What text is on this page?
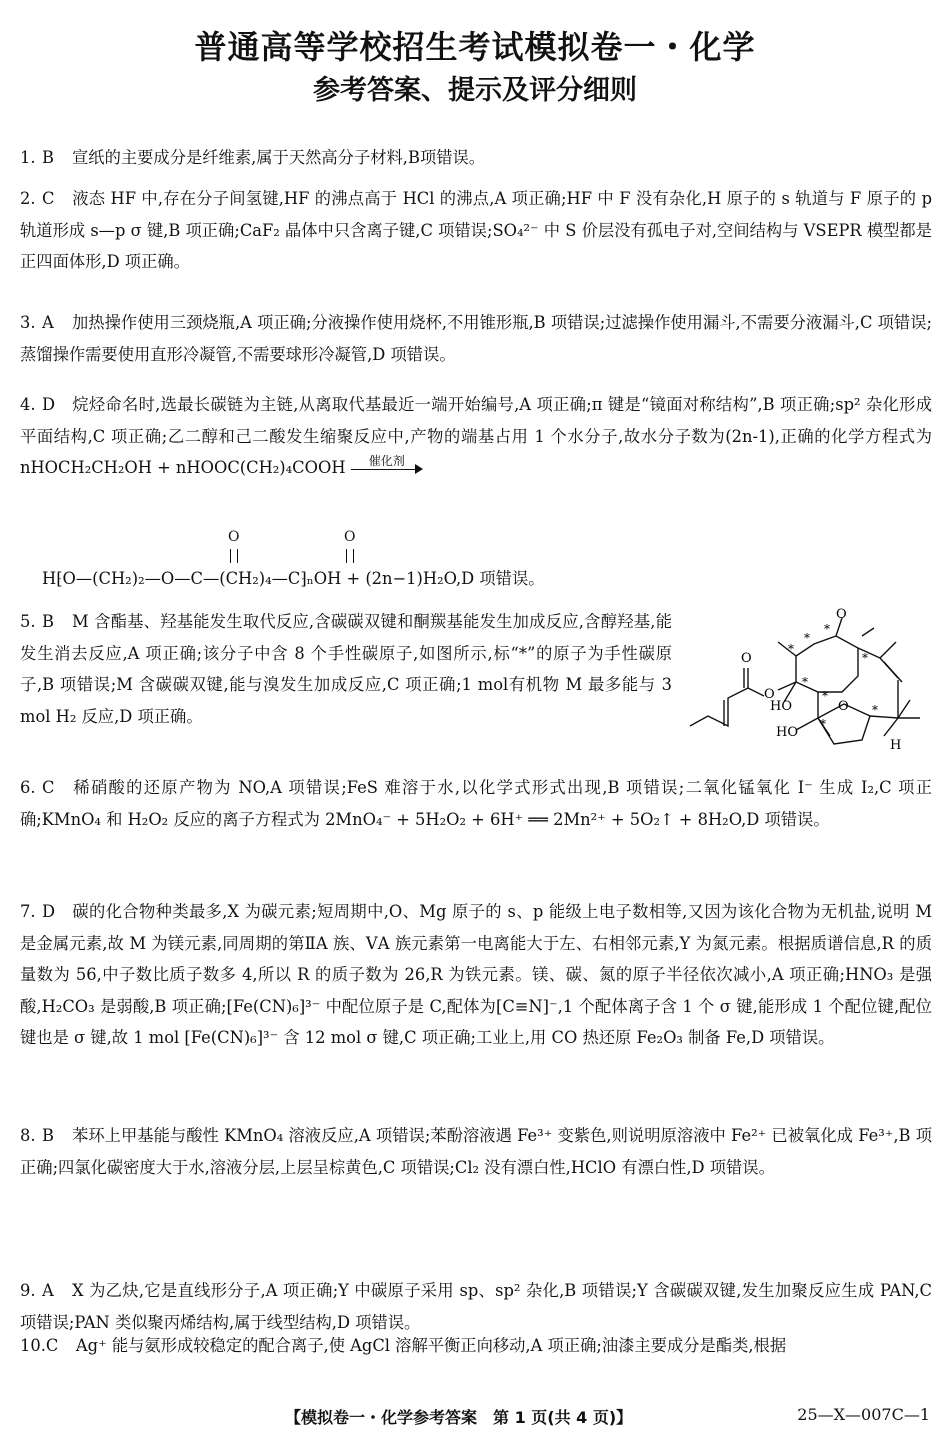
普通高等学校招生考试模拟卷一・化学
参考答案、提示及评分细则

1. B 宣纸的主要成分是纤维素,属于天然高分子材料,B项错误。

2. C 液态 HF 中,存在分子间氢键,HF 的沸点高于 HCl 的沸点,A 项正确;HF 中 F 没有杂化,H 原子的 s 轨道与 F 原子的 p 轨道形成 s—p σ 键,B 项正确;CaF₂ 晶体中只含离子键,C 项错误;SO₄²⁻ 中 S 价层没有孤电子对,空间结构与 VSEPR 模型都是正四面体形,D 项正确。

3. A 加热操作使用三颈烧瓶,A 项正确;分液操作使用烧杯,不用锥形瓶,B 项错误;过滤操作使用漏斗,不需要分液漏斗,C 项错误;蒸馏操作需要使用直形冷凝管,不需要球形冷凝管,D 项错误。

4. D 烷烃命名时,选最长碳链为主链,从离取代基最近一端开始编号,A 项正确;π 键是“镜面对称结构”,B 项正确;sp² 杂化形成平面结构,C 项正确;乙二醇和己二酸发生缩聚反应中,产物的端基占用 1 个水分子,故水分子数为(2n-1),正确的化学方程式为 nHOCH₂CH₂OH + nHOOC(CH₂)₄COOH	催化剂

O	O
H⁅O—(CH₂)₂—O—C—(CH₂)₄—C⁆ₙOH + (2n−1)H₂O,D 项错误。

5. B M 含酯基、羟基能发生取代反应,含碳碳双键和酮羰基能发生加成反应,含醇羟基,能发生消去反应,A 项正确;该分子中含 8 个手性碳原子,如图所示,标“*”的原子为手性碳原子,B 项错误;M 含碳碳双键,能与溴发生加成反应,C 项正确;1 mol有机物 M 最多能与 3 mol H₂ 反应,D 项正确。

O
O
O
O
HO
HO
H
*
*
*
*
*
*
*
*

6. C 稀硝酸的还原产物为 NO,A 项错误;FeS 难溶于水,以化学式形式出现,B 项错误;二氧化锰氧化 I⁻ 生成 I₂,C 项正确;KMnO₄ 和 H₂O₂ 反应的离子方程式为 2MnO₄⁻ + 5H₂O₂ + 6H⁺ ══ 2Mn²⁺ + 5O₂↑ + 8H₂O,D 项错误。

7. D 碳的化合物种类最多,X 为碳元素;短周期中,O、Mg 原子的 s、p 能级上电子数相等,又因为该化合物为无机盐,说明 M 是金属元素,故 M 为镁元素,同周期的第ⅡA 族、ⅤA 族元素第一电离能大于左、右相邻元素,Y 为氮元素。根据质谱信息,R 的质量数为 56,中子数比质子数多 4,所以 R 的质子数为 26,R 为铁元素。镁、碳、氮的原子半径依次减小,A 项正确;HNO₃ 是强酸,H₂CO₃ 是弱酸,B 项正确;[Fe(CN)₆]³⁻ 中配位原子是 C,配体为[C≡N]⁻,1 个配体离子含 1 个 σ 键,能形成 1 个配位键,配位键也是 σ 键,故 1 mol [Fe(CN)₆]³⁻ 含 12 mol σ 键,C 项正确;工业上,用 CO 热还原 Fe₂O₃ 制备 Fe,D 项错误。

8. B 苯环上甲基能与酸性 KMnO₄ 溶液反应,A 项错误;苯酚溶液遇 Fe³⁺ 变紫色,则说明原溶液中 Fe²⁺ 已被氧化成 Fe³⁺,B 项正确;四氯化碳密度大于水,溶液分层,上层呈棕黄色,C 项错误;Cl₂ 没有漂白性,HClO 有漂白性,D 项错误。

9. A X 为乙炔,它是直线形分子,A 项正确;Y 中碳原子采用 sp、sp² 杂化,B 项错误;Y 含碳碳双键,发生加聚反应生成 PAN,C 项错误;PAN 类似聚丙烯结构,属于线型结构,D 项错误。

10.C Ag⁺ 能与氨形成较稳定的配合离子,使 AgCl 溶解平衡正向移动,A 项正确;油漆主要成分是酯类,根据

【模拟卷一・化学参考答案　第 1 页(共 4 页)】	25—X—007C—1
